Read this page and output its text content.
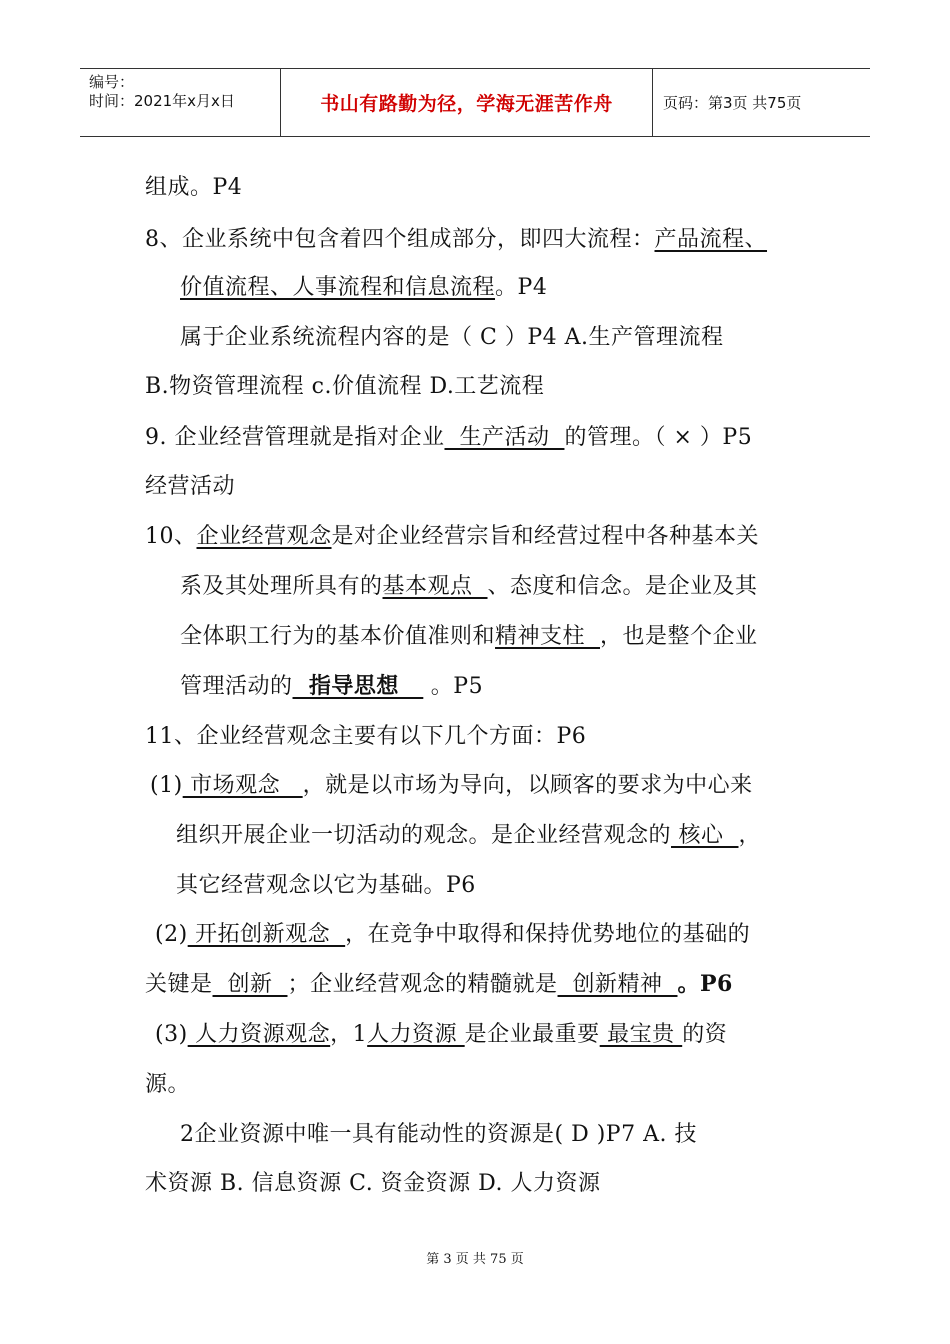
编号：
时间：2021年x月x日	书山有路勤为径，学海无涯苦作舟	页码：第3页 共75页
组成。P4
8、企业系统中包含着四个组成部分，即四大流程：产品流程、
价值流程、人事流程和信息流程。P4
属于企业系统流程内容的是（ C ）P4 A.生产管理流程
B.物资管理流程 c.价值流程 D.工艺流程
9. 企业经营管理就是指对企业  生产活动  的管理。（ × ）P5
经营活动
10、企业经营观念是对企业经营宗旨和经营过程中各种基本关
系及其处理所具有的基本观点  、态度和信念。是企业及其
全体职工行为的基本价值准则和精神支柱  ，也是整个企业
管理活动的  指导思想    。P5
11、企业经营观念主要有以下几个方面：P6
(1) 市场观念   ，就是以市场为导向，以顾客的要求为中心来
组织开展企业一切活动的观念。是企业经营观念的 核心  ，
其它经营观念以它为基础。P6
(2) 开拓创新观念  ，在竞争中取得和保持优势地位的基础的
关键是  创新  ；企业经营观念的精髓就是  创新精神  。P6
(3) 人力资源观念，1人力资源 是企业最重要 最宝贵 的资
源。
2企业资源中唯一具有能动性的资源是( D )P7 A. 技
术资源 B. 信息资源 C. 资金资源 D. 人力资源
第 3 页 共 75 页
